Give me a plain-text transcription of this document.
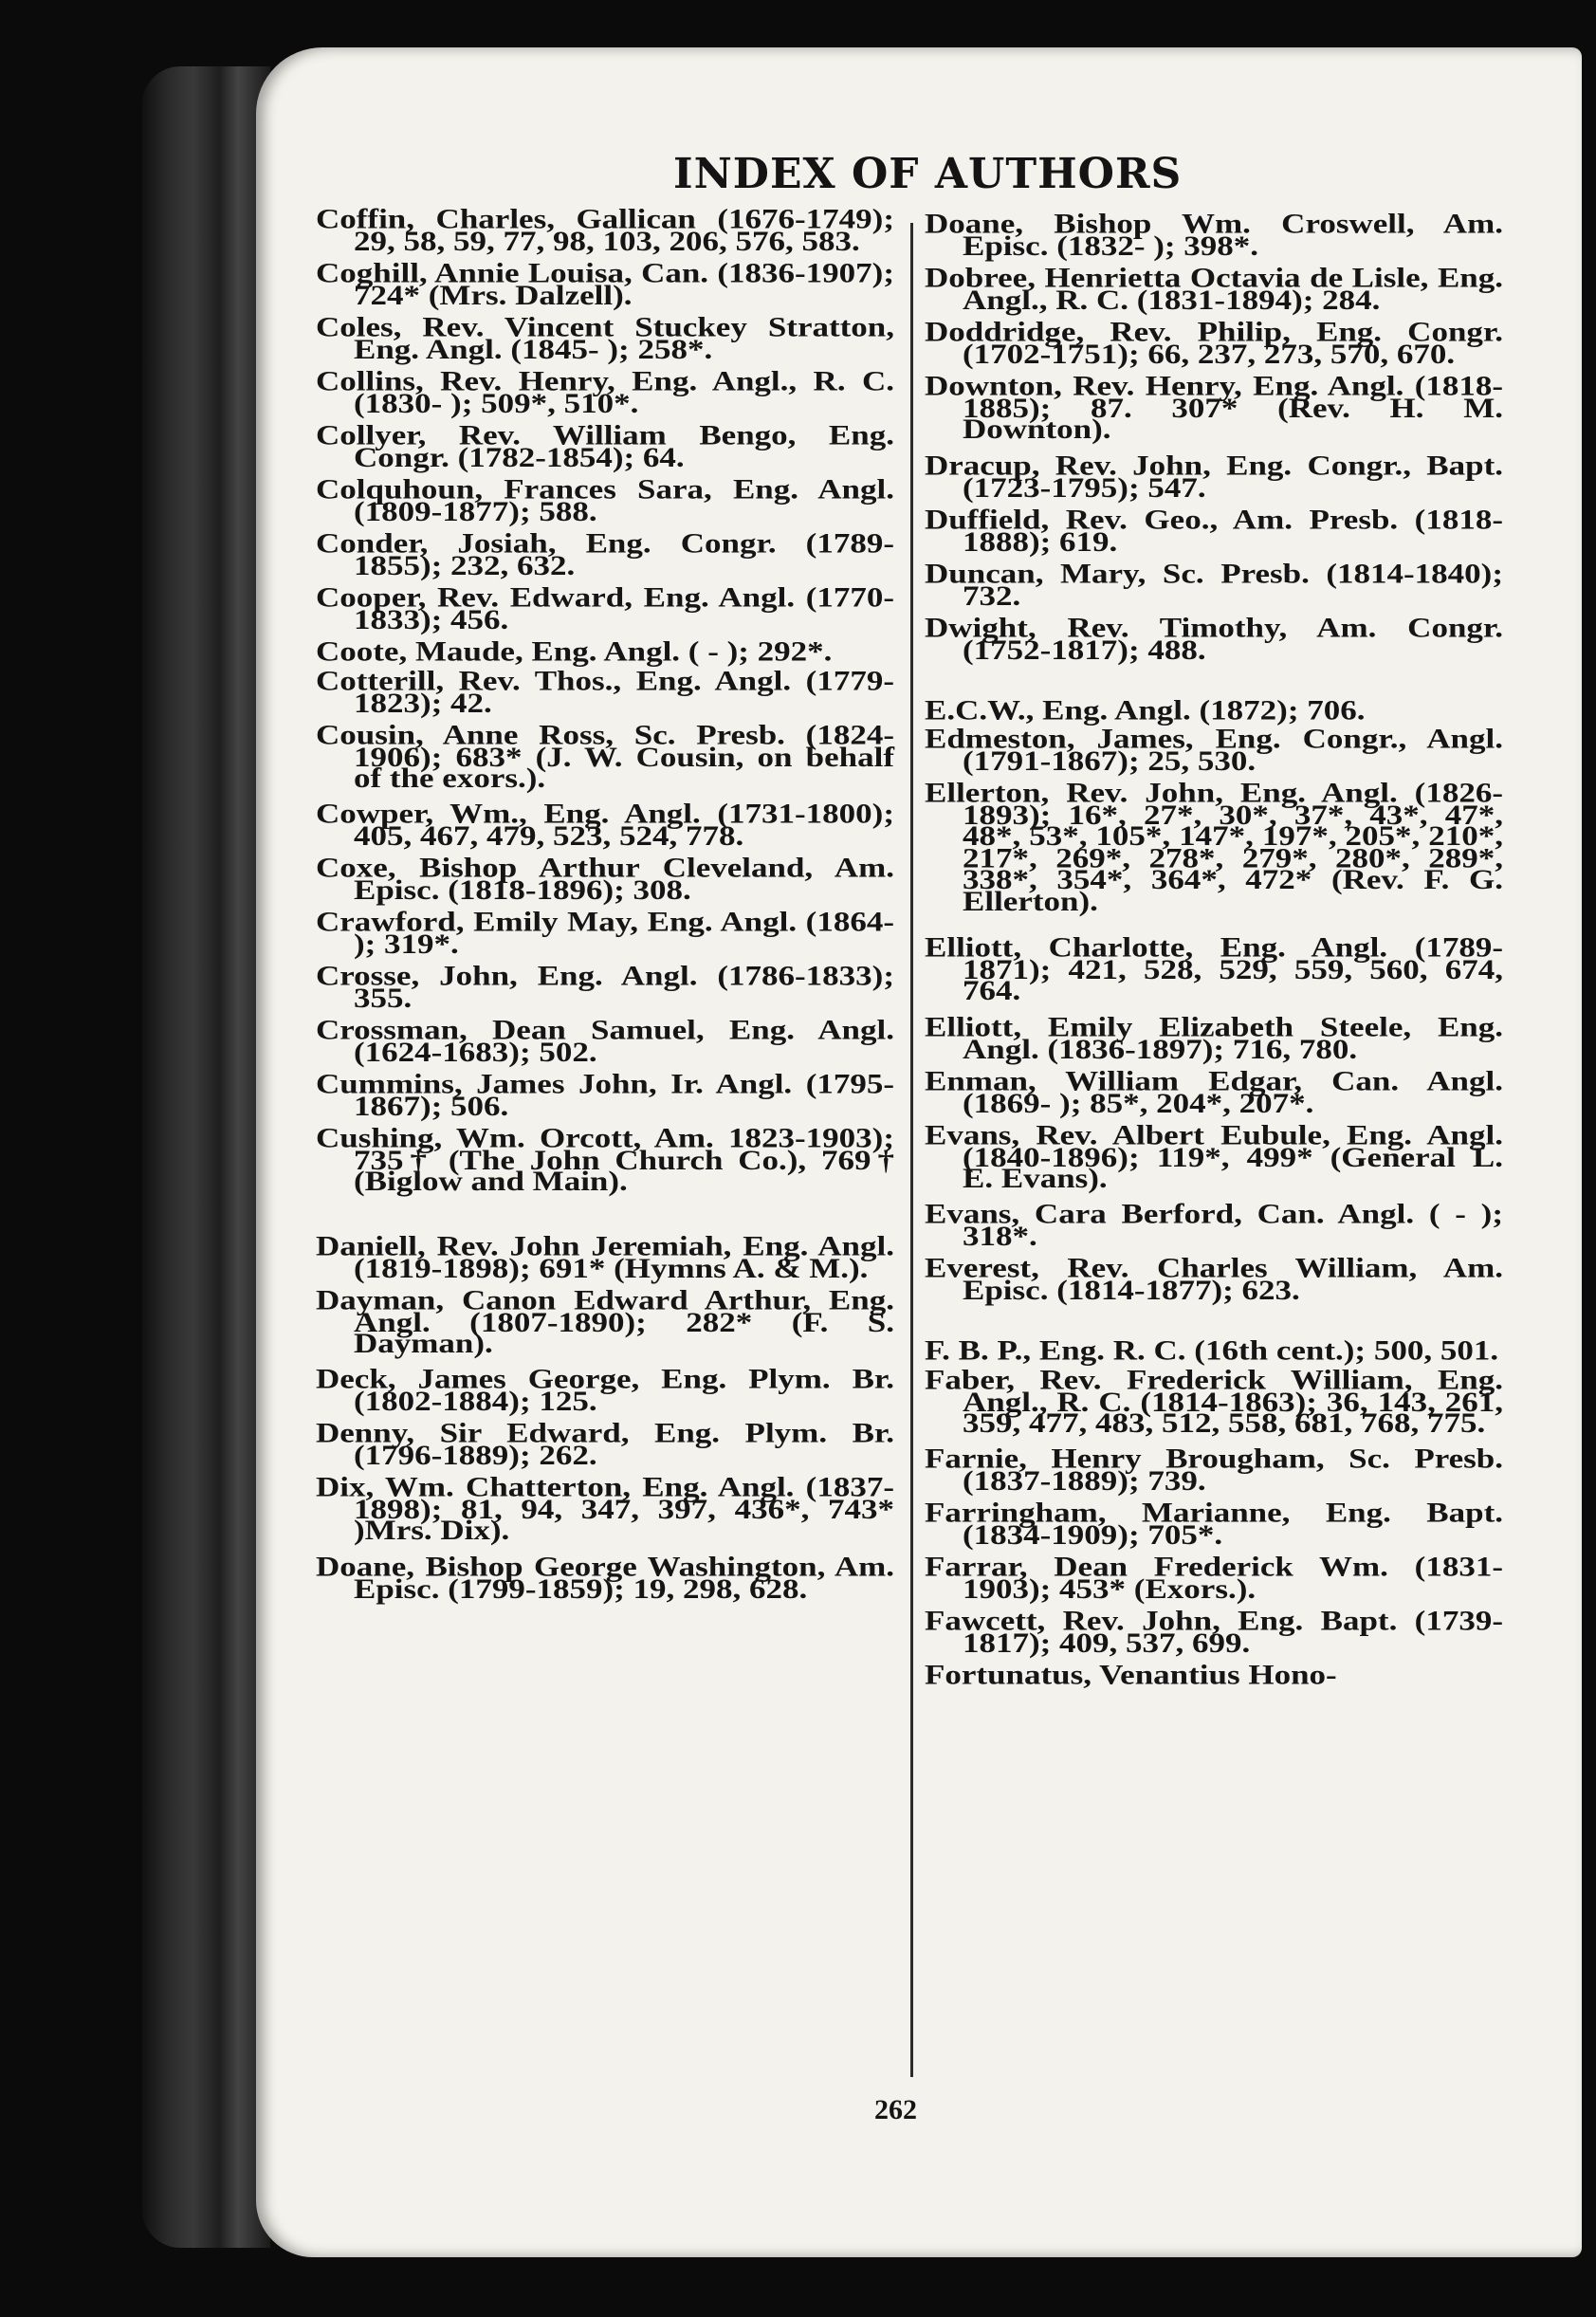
INDEX OF AUTHORS
Coffin, Charles, Gallican (1676-1749); 29, 58, 59, 77, 98, 103, 206, 576, 583.
Coghill, Annie Louisa, Can. (1836-1907); 724* (Mrs. Dalzell).
Coles, Rev. Vincent Stuckey Stratton, Eng. Angl. (1845- ); 258*.
Collins, Rev. Henry, Eng. Angl., R. C. (1830- ); 509*, 510*.
Collyer, Rev. William Bengo, Eng. Congr. (1782-1854); 64.
Colquhoun, Frances Sara, Eng. Angl. (1809-1877); 588.
Conder, Josiah, Eng. Congr. (1789-1855); 232, 632.
Cooper, Rev. Edward, Eng. Angl. (1770-1833); 456.
Coote, Maude, Eng. Angl. ( - ); 292*.
Cotterill, Rev. Thos., Eng. Angl. (1779-1823); 42.
Cousin, Anne Ross, Sc. Presb. (1824-1906); 683* (J. W. Cousin, on behalf of the exors.).
Cowper, Wm., Eng. Angl. (1731-1800); 405, 467, 479, 523, 524, 778.
Coxe, Bishop Arthur Cleveland, Am. Episc. (1818-1896); 308.
Crawford, Emily May, Eng. Angl. (1864- ); 319*.
Crosse, John, Eng. Angl. (1786-1833); 355.
Crossman, Dean Samuel, Eng. Angl. (1624-1683); 502.
Cummins, James John, Ir. Angl. (1795-1867); 506.
Cushing, Wm. Orcott, Am. 1823-1903); 735† (The John Church Co.), 769† (Biglow and Main).
Daniell, Rev. John Jeremiah, Eng. Angl. (1819-1898); 691* (Hymns A. & M.).
Dayman, Canon Edward Arthur, Eng. Angl. (1807-1890); 282* (F. S. Dayman).
Deck, James George, Eng. Plym. Br. (1802-1884); 125.
Denny, Sir Edward, Eng. Plym. Br. (1796-1889); 262.
Dix, Wm. Chatterton, Eng. Angl. (1837-1898); 81, 94, 347, 397, 436*, 743* )Mrs. Dix).
Doane, Bishop George Washington, Am. Episc. (1799-1859); 19, 298, 628.
Doane, Bishop Wm. Croswell, Am. Episc. (1832- ); 398*.
Dobree, Henrietta Octavia de Lisle, Eng. Angl., R. C. (1831-1894); 284.
Doddridge, Rev. Philip, Eng. Congr. (1702-1751); 66, 237, 273, 570, 670.
Downton, Rev. Henry, Eng. Angl. (1818-1885); 87. 307* (Rev. H. M. Downton).
Dracup, Rev. John, Eng. Congr., Bapt. (1723-1795); 547.
Duffield, Rev. Geo., Am. Presb. (1818-1888); 619.
Duncan, Mary, Sc. Presb. (1814-1840); 732.
Dwight, Rev. Timothy, Am. Congr. (1752-1817); 488.
E.C.W., Eng. Angl. (1872); 706.
Edmeston, James, Eng. Congr., Angl. (1791-1867); 25, 530.
Ellerton, Rev. John, Eng. Angl. (1826-1893); 16*, 27*, 30*, 37*, 43*, 47*, 48*, 53*, 105*, 147*, 197*, 205*, 210*, 217*, 269*, 278*, 279*, 280*, 289*, 338*, 354*, 364*, 472* (Rev. F. G. Ellerton).
Elliott, Charlotte, Eng. Angl. (1789-1871); 421, 528, 529, 559, 560, 674, 764.
Elliott, Emily Elizabeth Steele, Eng. Angl. (1836-1897); 716, 780.
Enman, William Edgar, Can. Angl. (1869- ); 85*, 204*, 207*.
Evans, Rev. Albert Eubule, Eng. Angl. (1840-1896); 119*, 499* (General L. E. Evans).
Evans, Cara Berford, Can. Angl. ( - ); 318*.
Everest, Rev. Charles William, Am. Episc. (1814-1877); 623.
F. B. P., Eng. R. C. (16th cent.); 500, 501.
Faber, Rev. Frederick William, Eng. Angl., R. C. (1814-1863); 36, 143, 261, 359, 477, 483, 512, 558, 681, 768, 775.
Farnie, Henry Brougham, Sc. Presb. (1837-1889); 739.
Farringham, Marianne, Eng. Bapt. (1834-1909); 705*.
Farrar, Dean Frederick Wm. (1831-1903); 453* (Exors.).
Fawcett, Rev. John, Eng. Bapt. (1739-1817); 409, 537, 699.
Fortunatus, Venantius Hono-
262
